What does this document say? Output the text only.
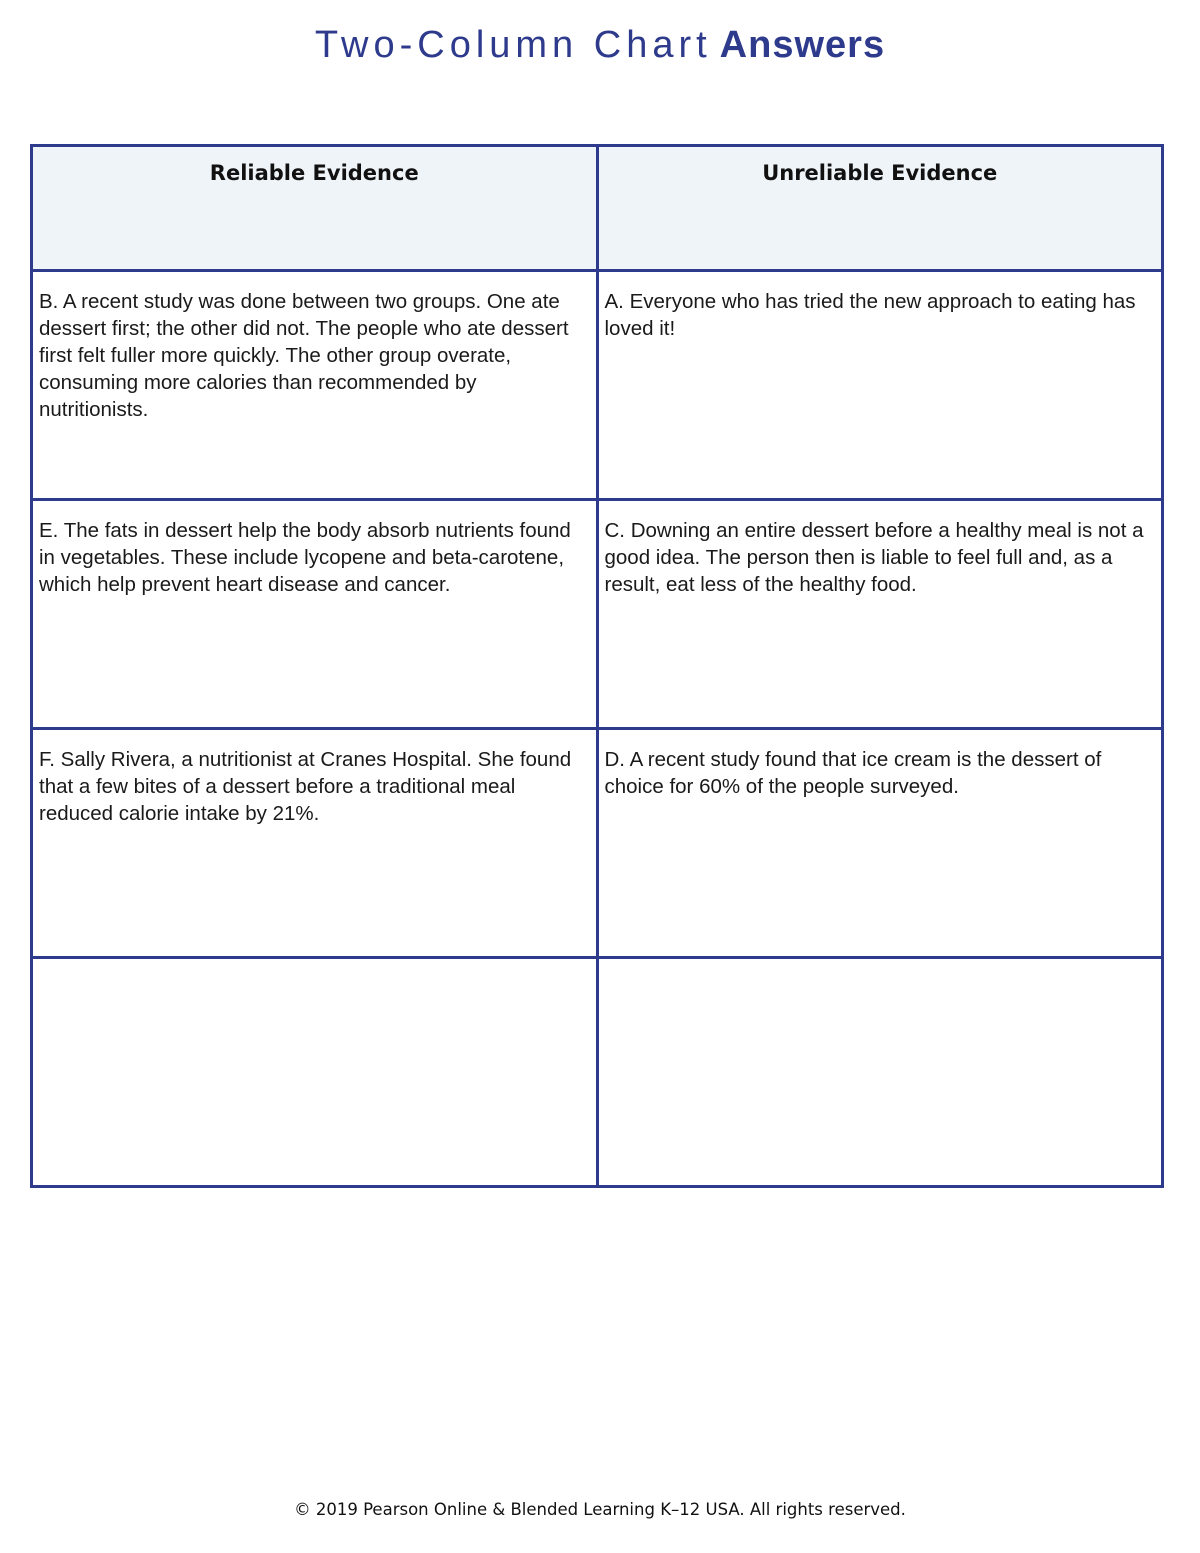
Two-Column Chart Answers
Reliable Evidence	Unreliable Evidence
B. A recent study was done between two groups. One ate dessert first; the other did not. The people who ate dessert first felt fuller more quickly. The other group overate, consuming more calories than recommended by nutritionists.	A. Everyone who has tried the new approach to eating has loved it!
E. The fats in dessert help the body absorb nutrients found in vegetables. These include lycopene and beta-carotene, which help prevent heart disease and cancer.	C. Downing an entire dessert before a healthy meal is not a good idea. The person then is liable to feel full and, as a result, eat less of the healthy food.
F. Sally Rivera, a nutritionist at Cranes Hospital. She found that a few bites of a dessert before a traditional meal reduced calorie intake by 21%.	D. A recent study found that ice cream is the dessert of choice for 60% of the people surveyed.

© 2019 Pearson Online & Blended Learning K–12 USA. All rights reserved.
